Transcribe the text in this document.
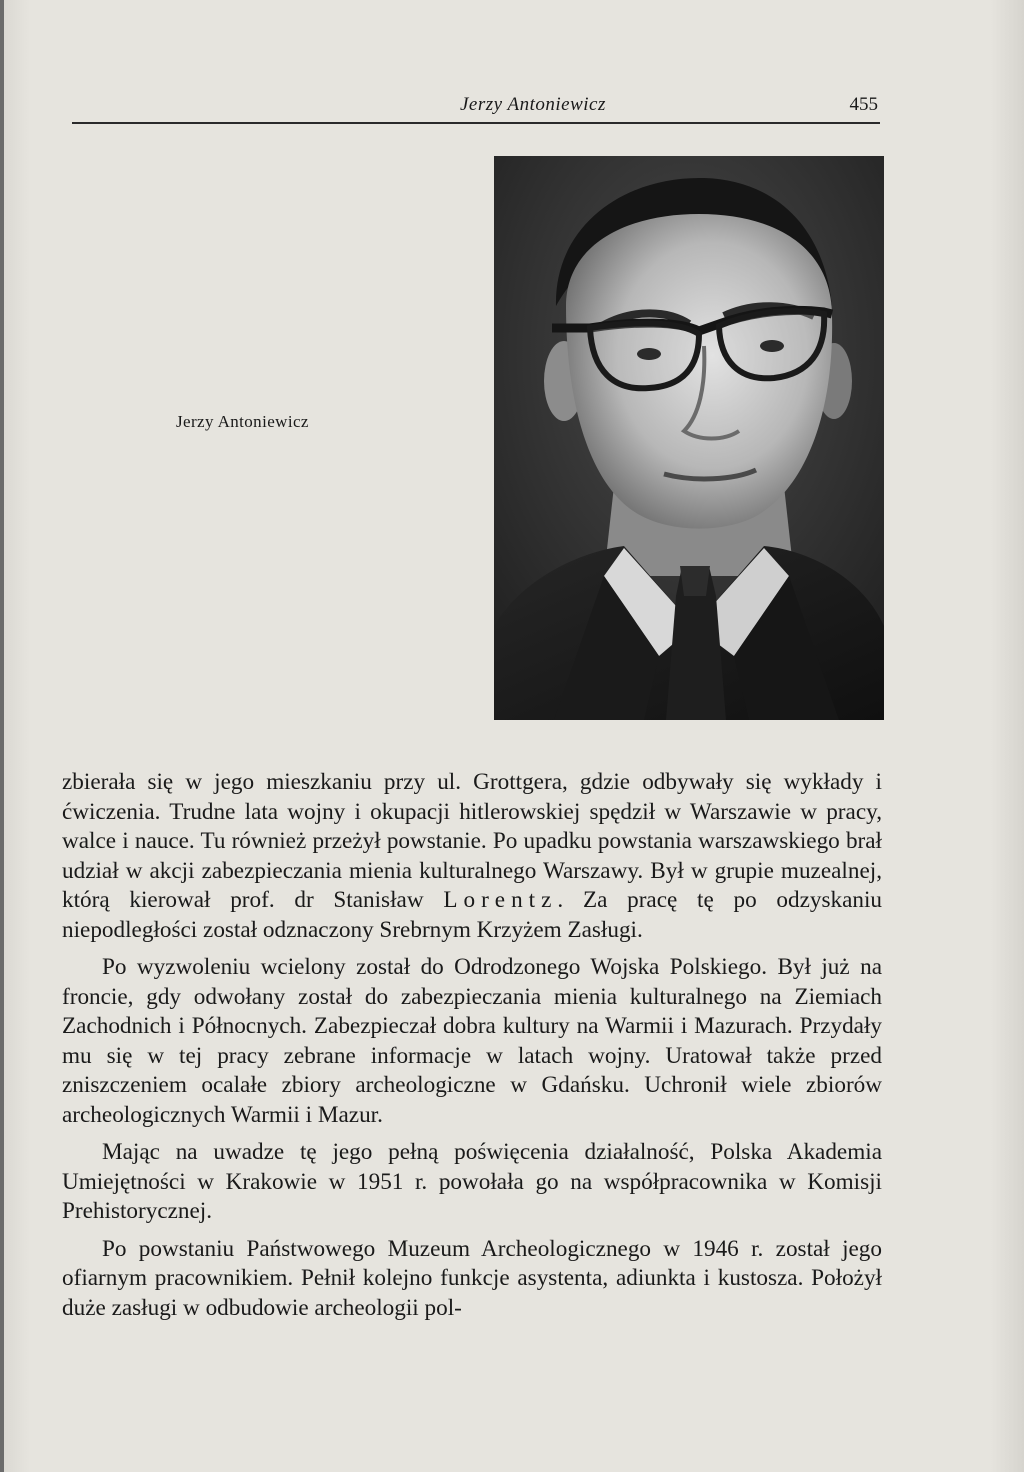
Jerzy Antoniewicz	455
Jerzy Antoniewicz

zbierała się w jego mieszkaniu przy ul. Grottgera, gdzie odbywały się wykłady i ćwiczenia. Trudne lata wojny i okupacji hitlerowskiej spędził w Warszawie w pracy, walce i nauce. Tu również przeżył powstanie. Po upadku powstania warszawskiego brał udział w akcji zabezpieczania mienia kulturalnego Warszawy. Był w grupie muzealnej, którą kierował prof. dr Stanisław Lorentz. Za pracę tę po odzyskaniu niepodległości został odznaczony Srebrnym Krzyżem Zasługi.

Po wyzwoleniu wcielony został do Odrodzonego Wojska Polskiego. Był już na froncie, gdy odwołany został do zabezpieczania mienia kulturalnego na Ziemiach Zachodnich i Północnych. Zabezpieczał dobra kultury na Warmii i Mazurach. Przydały mu się w tej pracy zebrane informacje w latach wojny. Uratował także przed zniszczeniem ocalałe zbiory archeologiczne w Gdańsku. Uchronił wiele zbiorów archeologicznych Warmii i Mazur.

Mając na uwadze tę jego pełną poświęcenia działalność, Polska Akademia Umiejętności w Krakowie w 1951 r. powołała go na współpracownika w Komisji Prehistorycznej.

Po powstaniu Państwowego Muzeum Archeologicznego w 1946 r. został jego ofiarnym pracownikiem. Pełnił kolejno funkcje asystenta, adiunkta i kustosza. Położył duże zasługi w odbudowie archeologii pol-
